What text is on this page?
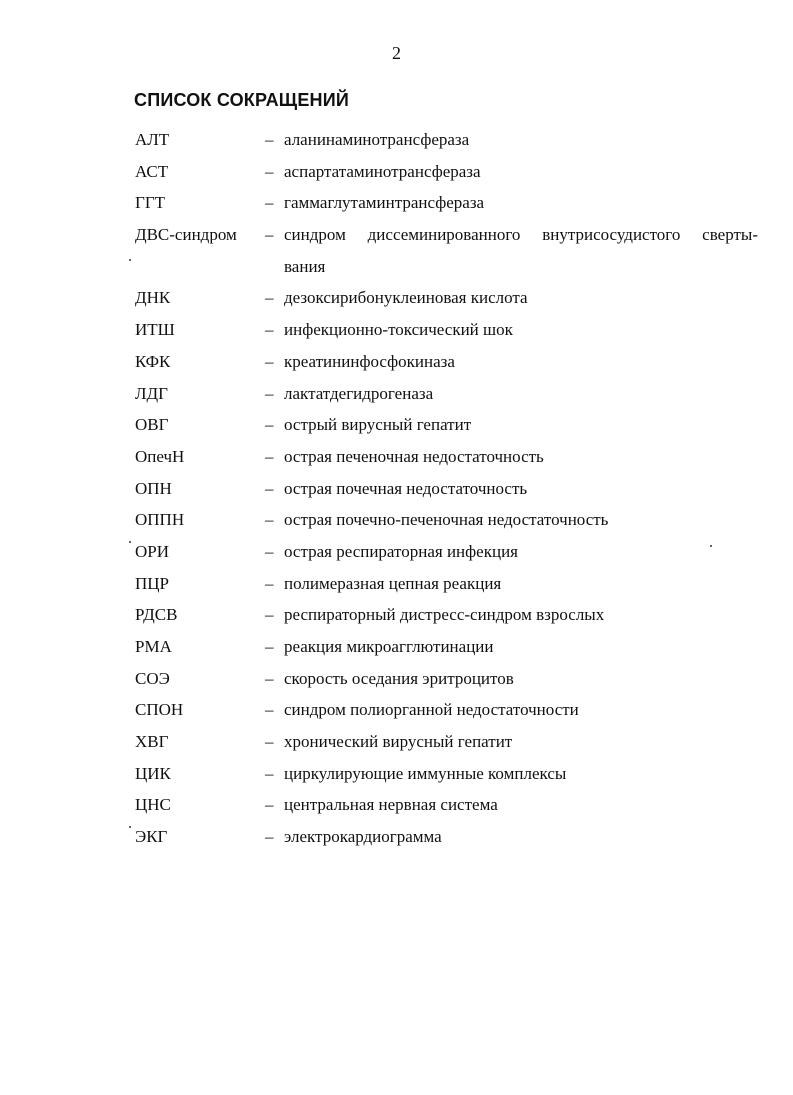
2
СПИСОК СОКРАЩЕНИЙ
АЛТ	– аланинаминотрансфераза
АСТ	– аспартатаминотрансфераза
ГГТ	– гаммаглутаминтрансфераза
ДВС-синдром – синдром диссеминированного внутрисосудистого сверты-
вания
ДНК	– дезоксирибонуклеиновая кислота
ИТШ	– инфекционно-токсический шок
КФК	– креатининфосфокиназа
ЛДГ	– лактатдегидрогеназа
ОВГ	– острый вирусный гепатит
ОпечН	– острая печеночная недостаточность
ОПН	– острая почечная недостаточность
ОППН	– острая почечно-печеночная недостаточность
ОРИ	– острая респираторная инфекция
ПЦР	– полимеразная цепная реакция
РДСВ	– респираторный дистресс-синдром взрослых
РМА	– реакция микроагглютинации
СОЭ	– скорость оседания эритроцитов
СПОН	– синдром полиорганной недостаточности
ХВГ	– хронический вирусный гепатит
ЦИК	– циркулирующие иммунные комплексы
ЦНС	– центральная нервная система
ЭКГ	– электрокардиограмма
